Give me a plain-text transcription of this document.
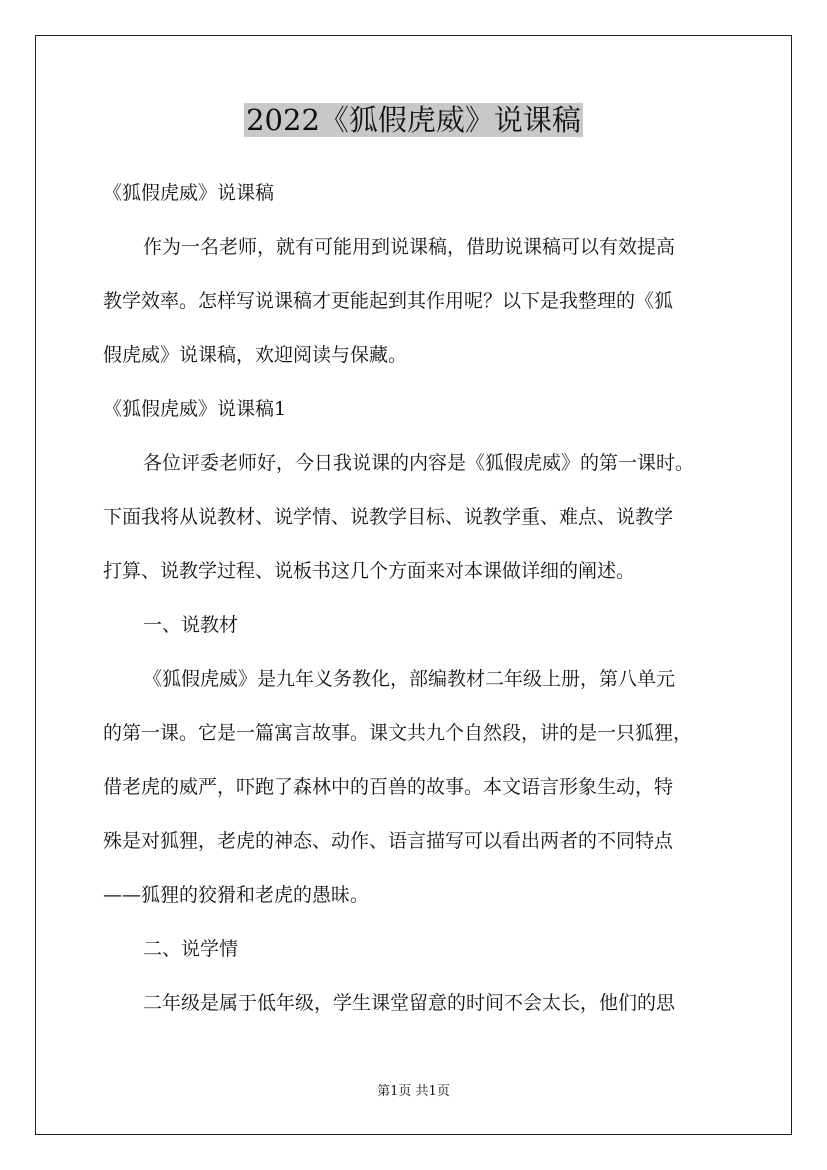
2022《狐假虎威》说课稿
《狐假虎威》说课稿
作为一名老师，就有可能用到说课稿，借助说课稿可以有效提高
教学效率。怎样写说课稿才更能起到其作用呢？以下是我整理的《狐
假虎威》说课稿，欢迎阅读与保藏。
《狐假虎威》说课稿1
各位评委老师好，今日我说课的内容是《狐假虎威》的第一课时。
下面我将从说教材、说学情、说教学目标、说教学重、难点、说教学
打算、说教学过程、说板书这几个方面来对本课做详细的阐述。
一、说教材
《狐假虎威》是九年义务教化，部编教材二年级上册，第八单元
的第一课。它是一篇寓言故事。课文共九个自然段，讲的是一只狐狸，
借老虎的威严，吓跑了森林中的百兽的故事。本文语言形象生动，特
殊是对狐狸，老虎的神态、动作、语言描写可以看出两者的不同特点
——狐狸的狡猾和老虎的愚昧。
二、说学情
二年级是属于低年级，学生课堂留意的时间不会太长，他们的思
第1页 共1页
